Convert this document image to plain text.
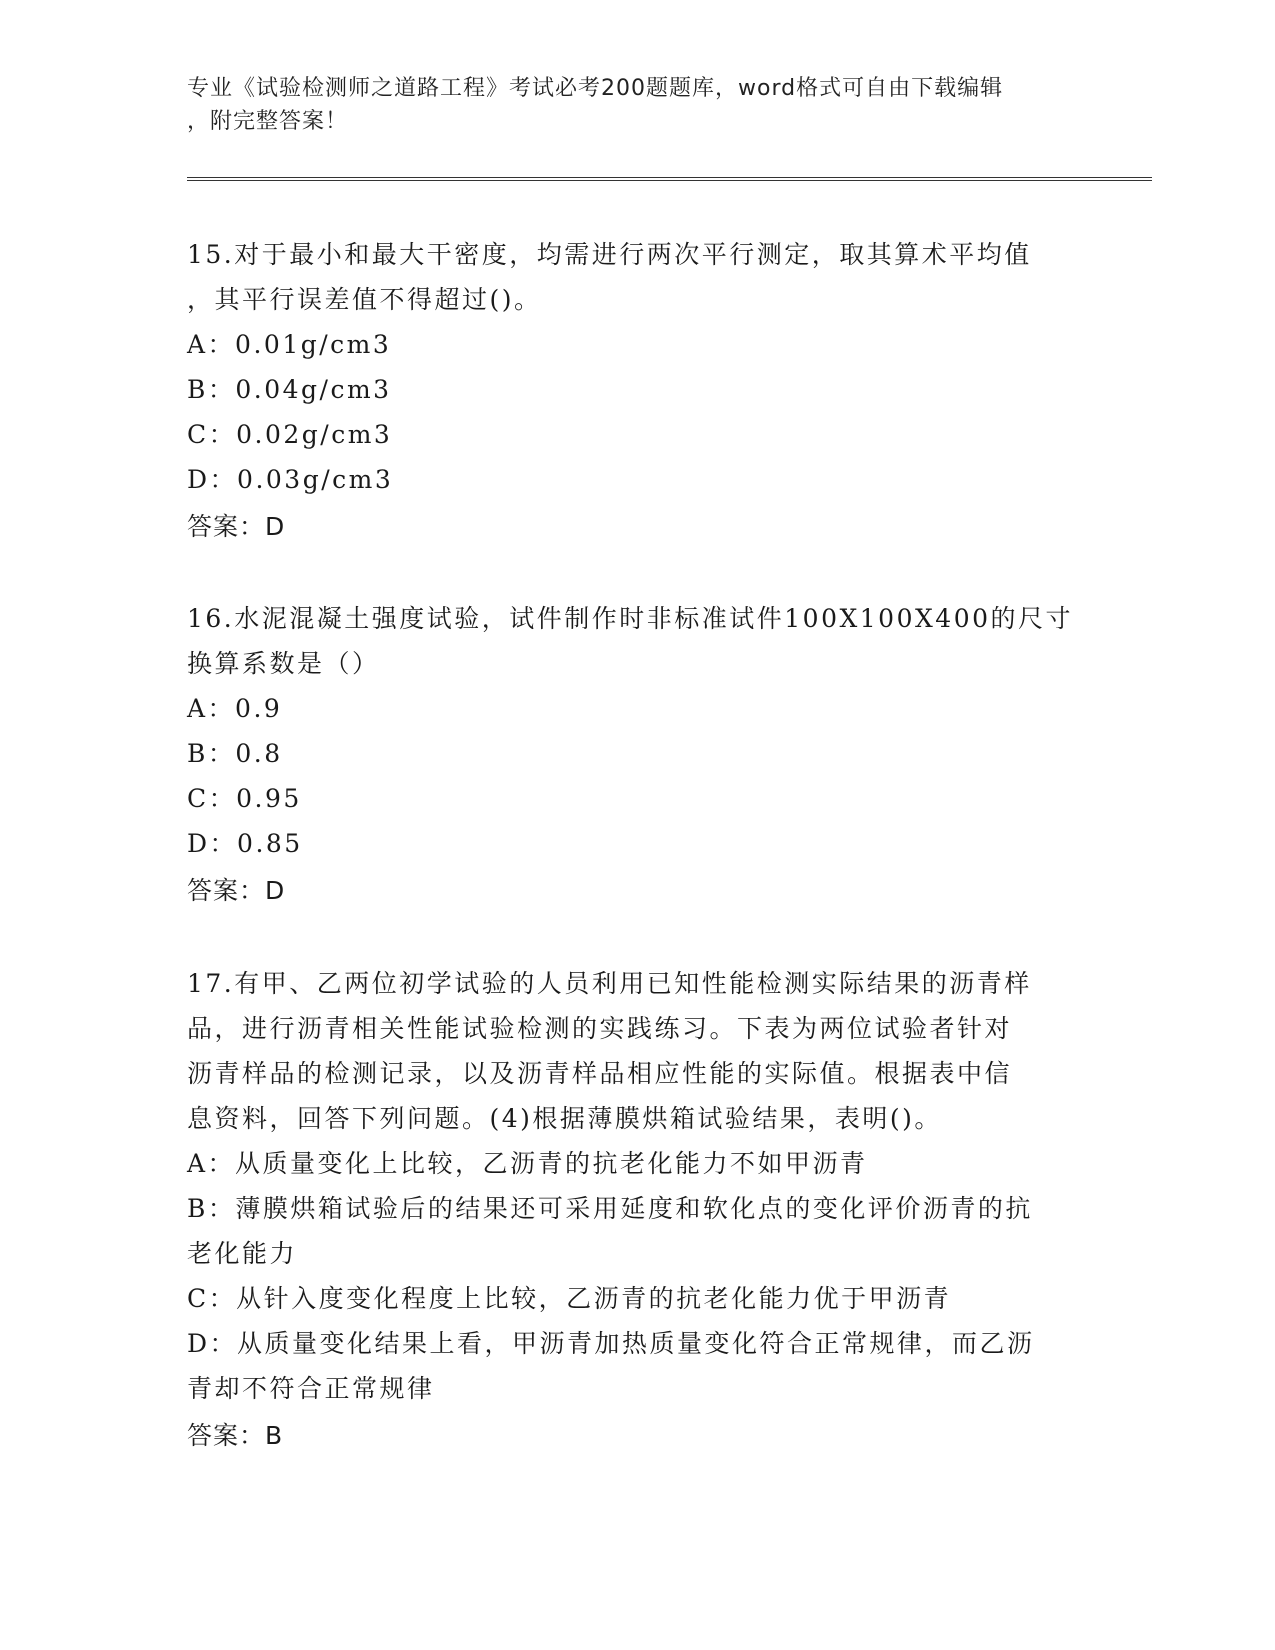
专业《试验检测师之道路工程》考试必考200题题库，word格式可自由下载编辑
，附完整答案！
15.对于最小和最大干密度，均需进行两次平行测定，取其算术平均值
，其平行误差值不得超过()。
A：0.01g/cm3
B：0.04g/cm3
C：0.02g/cm3
D：0.03g/cm3
答案：D
16.水泥混凝土强度试验，试件制作时非标准试件100X100X400的尺寸
换算系数是（）
A：0.9
B：0.8
C：0.95
D：0.85
答案：D
17.有甲、乙两位初学试验的人员利用已知性能检测实际结果的沥青样
品，进行沥青相关性能试验检测的实践练习。下表为两位试验者针对
沥青样品的检测记录，以及沥青样品相应性能的实际值。根据表中信
息资料，回答下列问题。(4)根据薄膜烘箱试验结果，表明()。
A：从质量变化上比较，乙沥青的抗老化能力不如甲沥青
B：薄膜烘箱试验后的结果还可采用延度和软化点的变化评价沥青的抗
老化能力
C：从针入度变化程度上比较，乙沥青的抗老化能力优于甲沥青
D：从质量变化结果上看，甲沥青加热质量变化符合正常规律，而乙沥
青却不符合正常规律
答案：B
